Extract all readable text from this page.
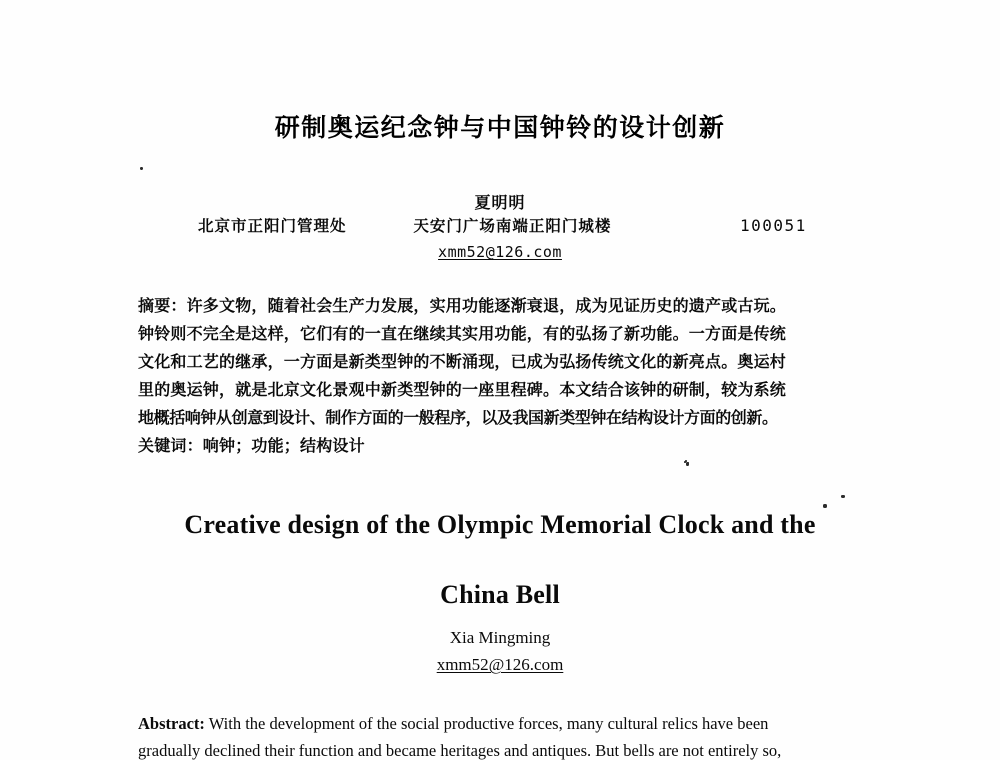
研制奥运纪念钟与中国钟铃的设计创新
夏明明
北京市正阳门管理处	天安门广场南端正阳门城楼	100051
xmm52@126.com
摘要：许多文物，随着社会生产力发展，实用功能逐渐衰退，成为见证历史的遗产或古玩。
钟铃则不完全是这样，它们有的一直在继续其实用功能，有的弘扬了新功能。一方面是传统
文化和工艺的继承，一方面是新类型钟的不断涌现，已成为弘扬传统文化的新亮点。奥运村
里的奥运钟，就是北京文化景观中新类型钟的一座里程碑。本文结合该钟的研制，较为系统
地概括响钟从创意到设计、制作方面的一般程序，以及我国新类型钟在结构设计方面的创新。
关键词：响钟；功能；结构设计
Creative design of the Olympic Memorial Clock and the
China Bell
Xia Mingming
xmm52@126.com
Abstract: With the development of the social productive forces, many cultural relics have been
gradually declined their function and became heritages and antiques. But bells are not entirely so,
